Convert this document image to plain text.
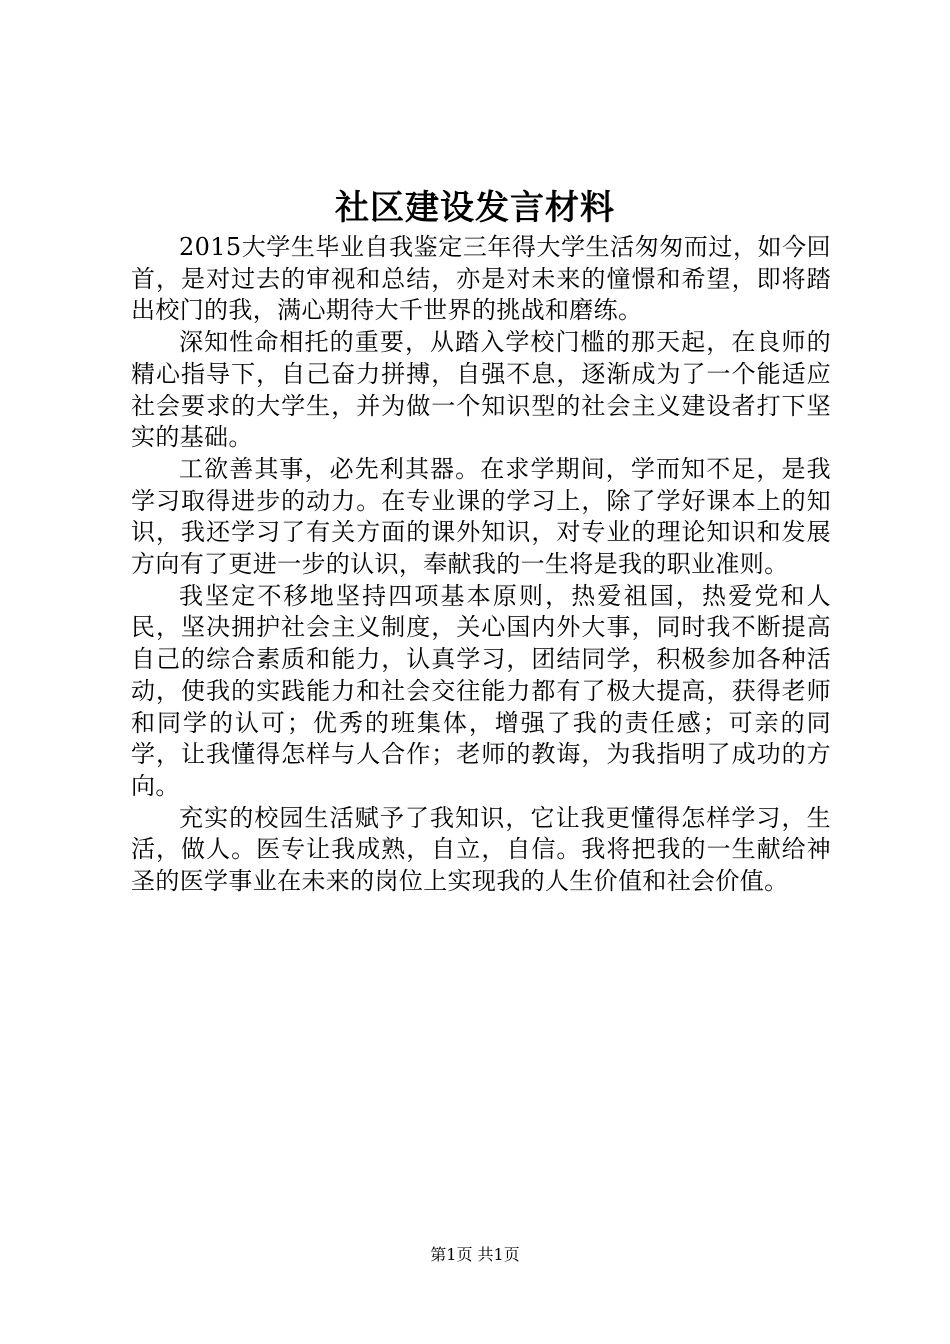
社区建设发言材料

2015大学生毕业自我鉴定三年得大学生活匆匆而过，如今回首，是对过去的审视和总结，亦是对未来的憧憬和希望，即将踏出校门的我，满心期待大千世界的挑战和磨练。

深知性命相托的重要，从踏入学校门槛的那天起，在良师的精心指导下，自己奋力拼搏，自强不息，逐渐成为了一个能适应社会要求的大学生，并为做一个知识型的社会主义建设者打下坚实的基础。

工欲善其事，必先利其器。在求学期间，学而知不足，是我学习取得进步的动力。在专业课的学习上，除了学好课本上的知识，我还学习了有关方面的课外知识，对专业的理论知识和发展方向有了更进一步的认识，奉献我的一生将是我的职业准则。

我坚定不移地坚持四项基本原则，热爱祖国，热爱党和人民，坚决拥护社会主义制度，关心国内外大事，同时我不断提高自己的综合素质和能力，认真学习，团结同学，积极参加各种活动，使我的实践能力和社会交往能力都有了极大提高，获得老师和同学的认可；优秀的班集体，增强了我的责任感；可亲的同学，让我懂得怎样与人合作；老师的教诲，为我指明了成功的方向。

充实的校园生活赋予了我知识，它让我更懂得怎样学习，生活，做人。医专让我成熟，自立，自信。我将把我的一生献给神圣的医学事业在未来的岗位上实现我的人生价值和社会价值。

第1页 共1页
